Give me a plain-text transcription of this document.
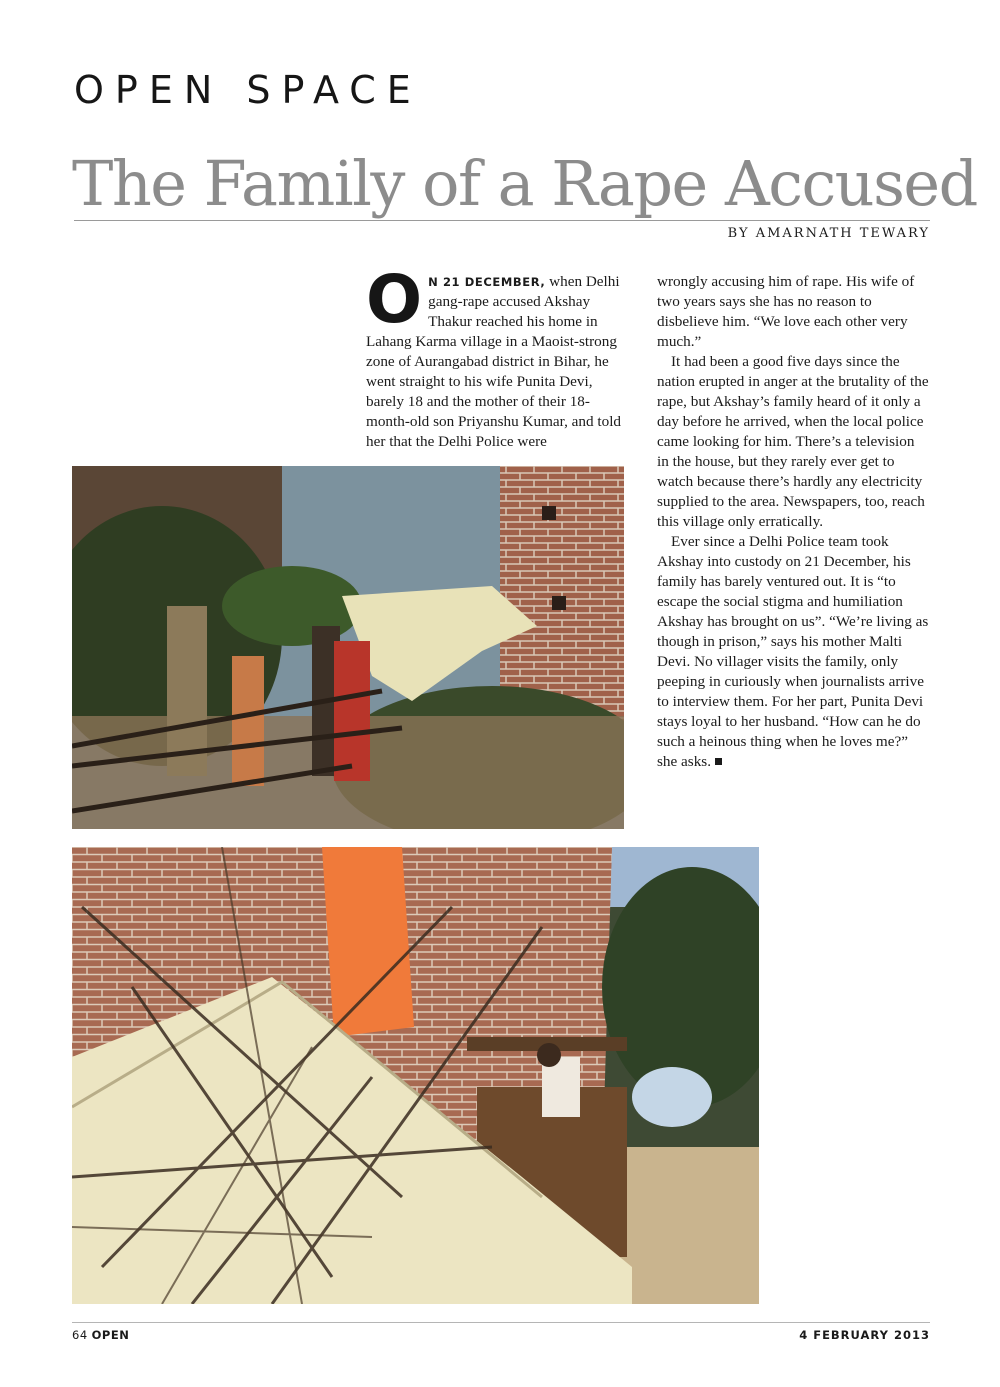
OPEN SPACE
The Family of a Rape Accused
BY AMARNATH TEWARY

O N 21 DECEMBER, when Delhi gang-rape accused Akshay Thakur reached his home in Lahang Karma village in a Maoist-strong zone of Aurangabad district in Bihar, he went straight to his wife Punita Devi, barely 18 and the mother of their 18-month-old son Priyanshu Kumar, and told her that the Delhi Police were

wrongly accusing him of rape. His wife of two years says she has no reason to disbelieve him. “We love each other very much.”

It had been a good five days since the nation erupted in anger at the brutality of the rape, but Akshay’s family heard of it only a day before he arrived, when the local police came looking for him. There’s a television in the house, but they rarely ever get to watch because there’s hardly any electricity supplied to the area. Newspapers, too, reach this village only erratically.

Ever since a Delhi Police team took Akshay into custody on 21 December, his family has barely ventured out. It is “to escape the social stigma and humiliation Akshay has brought on us”. “We’re living as though in prison,” says his mother Malti Devi. No villager visits the family, only peeping in curiously when journalists arrive to interview them. For her part, Punita Devi stays loyal to her husband. “How can he do such a heinous thing when he loves me?” she asks.

64 OPEN	4 FEBRUARY 2013
